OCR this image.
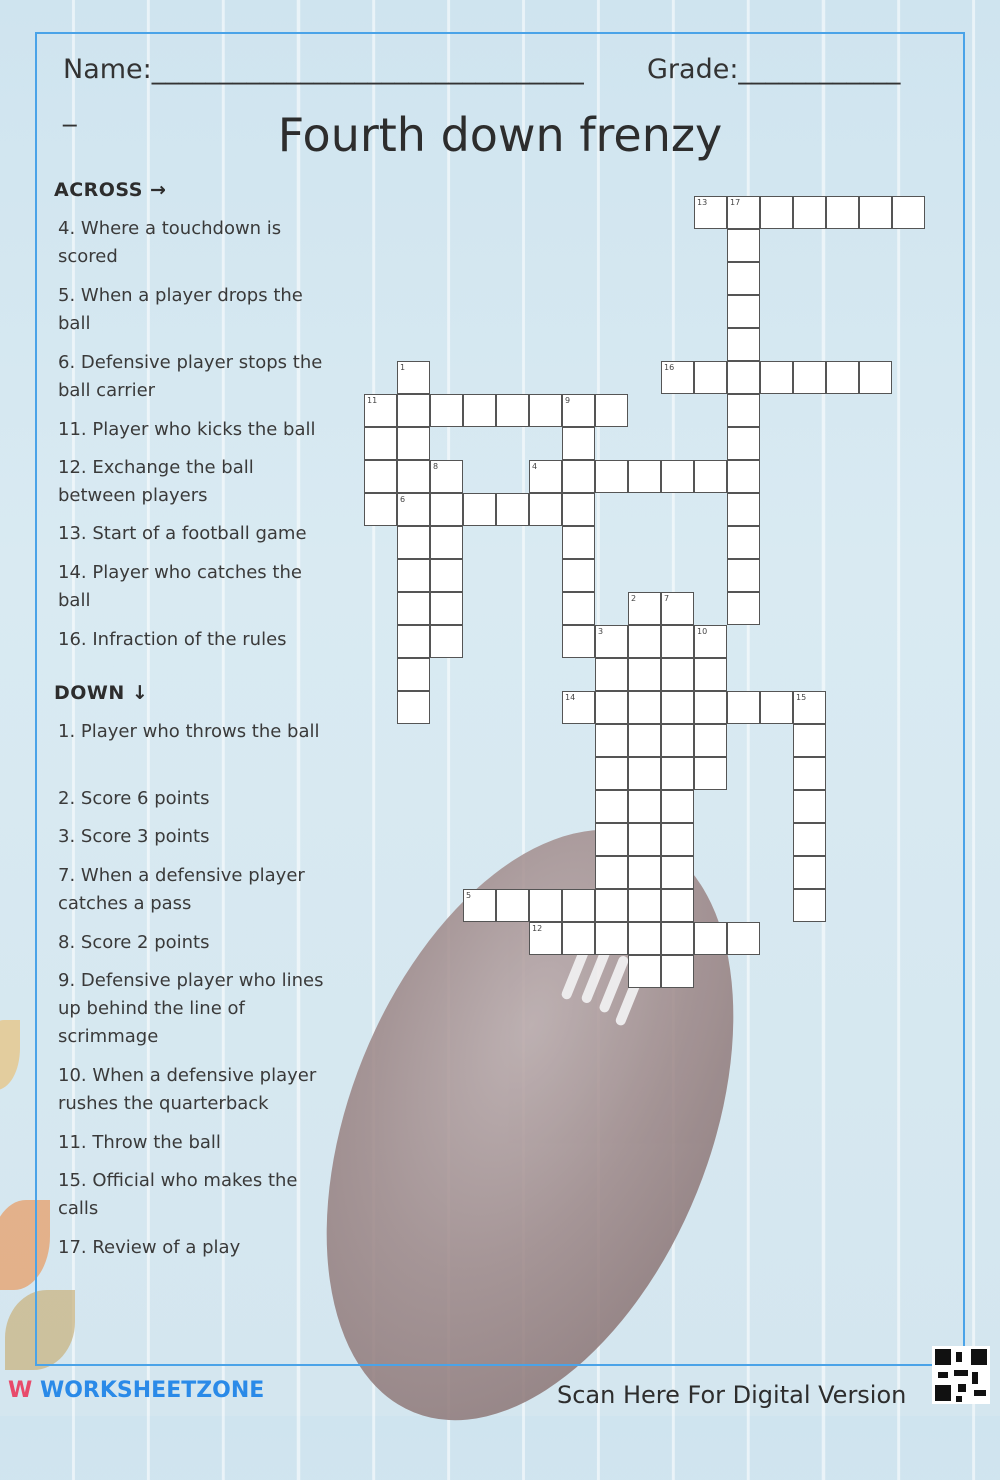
Name:________________________________ Grade:____________
_	Fourth down frenzy
ACROSS →
4. Where a touchdown is scored
5. When a player drops the ball
6. Defensive player stops the ball carrier
11. Player who kicks the ball
12. Exchange the ball between players
13. Start of a football game
14. Player who catches the ball
16. Infraction of the rules
DOWN ↓
1. Player who throws the ball
2. Score 6 points
3. Score 3 points
7. When a defensive player catches a pass
8. Score 2 points
9. Defensive player who lines up behind the line of scrimmage
10. When a defensive player rushes the quarterback
11. Throw the ball
15. Official who makes the calls
17. Review of a play
13	17
16
1
11	9
8	4
6
2	7
3	10
14	15
5
12
W WORKSHEETZONE	Scan Here For Digital Version
